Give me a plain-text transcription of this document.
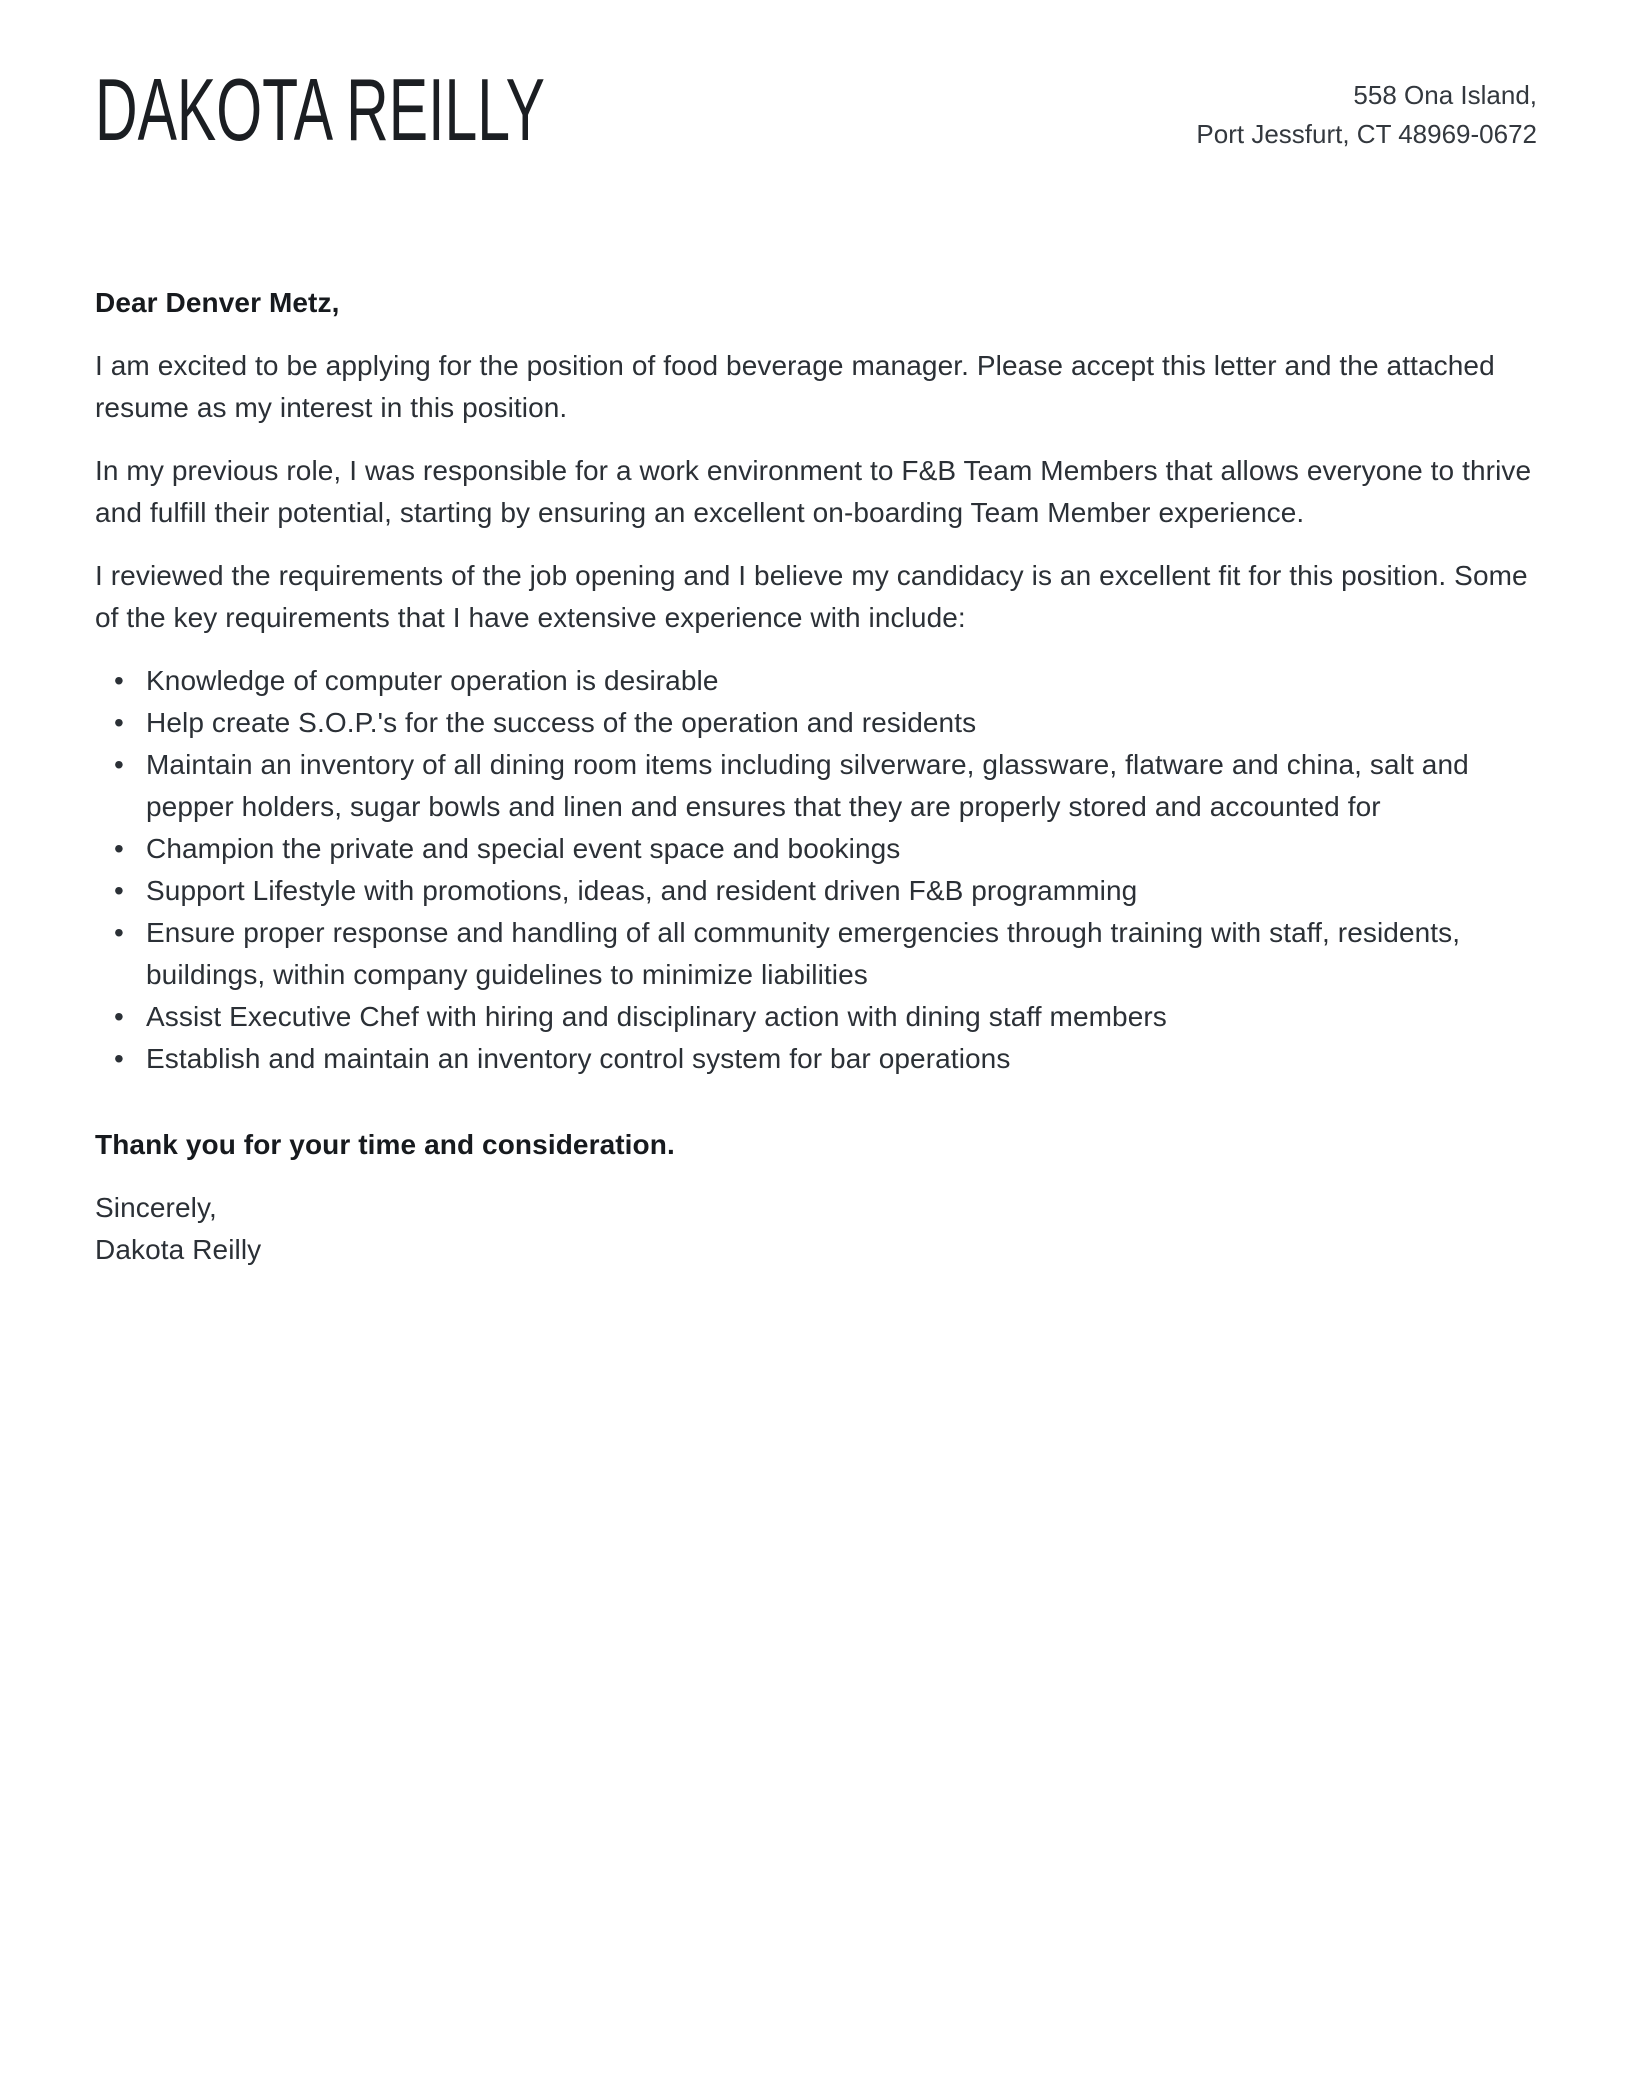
DAKOTA REILLY	558 Ona Island,
Port Jessfurt, CT 48969-0672
Dear Denver Metz,

I am excited to be applying for the position of food beverage manager. Please accept this letter and the attached resume as my interest in this position.

In my previous role, I was responsible for a work environment to F&B Team Members that allows everyone to thrive and fulfill their potential, starting by ensuring an excellent on-boarding Team Member experience.

I reviewed the requirements of the job opening and I believe my candidacy is an excellent fit for this position. Some of the key requirements that I have extensive experience with include:

• Knowledge of computer operation is desirable
• Help create S.O.P.'s for the success of the operation and residents
• Maintain an inventory of all dining room items including silverware, glassware, flatware and china, salt and pepper holders, sugar bowls and linen and ensures that they are properly stored and accounted for
• Champion the private and special event space and bookings
• Support Lifestyle with promotions, ideas, and resident driven F&B programming
• Ensure proper response and handling of all community emergencies through training with staff, residents, buildings, within company guidelines to minimize liabilities
• Assist Executive Chef with hiring and disciplinary action with dining staff members
• Establish and maintain an inventory control system for bar operations
Thank you for your time and consideration.
Sincerely,
Dakota Reilly
